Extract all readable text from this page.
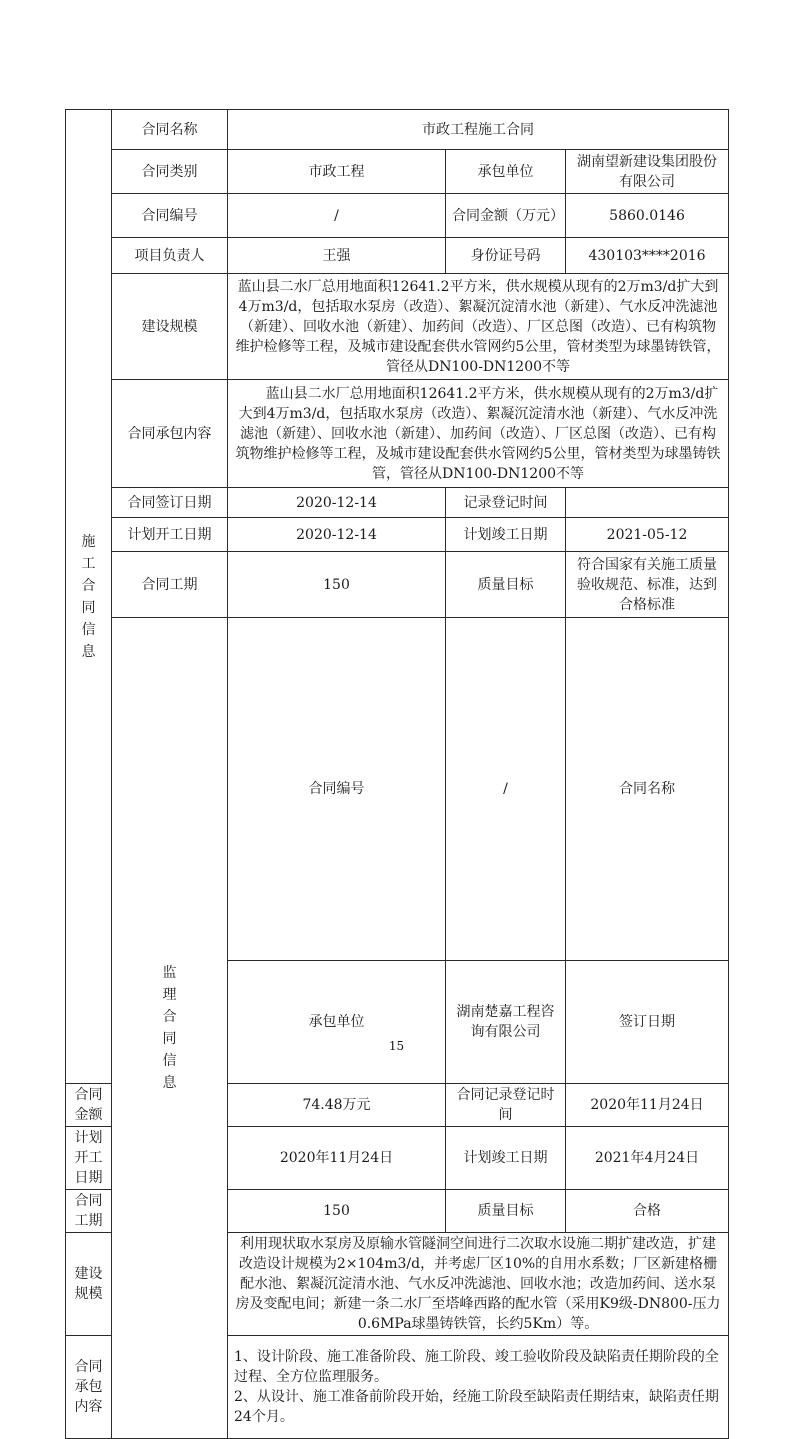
施工合同信息	合同名称	市政工程施工合同			
	合同类别	市政工程	承包单位	湖南望新建设集团股份有限公司	
	合同编号	/	合同金额（万元）	5860.0146	
	项目负责人	王强	身份证号码	430103****2016	
	建设规模	蓝山县二水厂总用地面积12641.2平方米，供水规模从现有的2万m3/d扩大到4万m3/d，包括取水泵房（改造）、絮凝沉淀清水池（新建）、气水反冲洗滤池（新建）、回收水池（新建）、加药间（改造）、厂区总图（改造）、已有构筑物维护检修等工程，及城市建设配套供水管网约5公里，管材类型为球墨铸铁管，管径从DN100-DN1200不等			
	合同承包内容	蓝山县二水厂总用地面积12641.2平方米，供水规模从现有的2万m3/d扩大到4万m3/d，包括取水泵房（改造）、絮凝沉淀清水池（新建）、气水反冲洗滤池（新建）、回收水池（新建）、加药间（改造）、厂区总图（改造）、已有构筑物维护检修等工程，及城市建设配套供水管网约5公里，管材类型为球墨铸铁管，管径从DN100-DN1200不等			

	合同签订日期	2020-12-14	记录登记时间		
	计划开工日期	2020-12-14	计划竣工日期	2021-05-12	
	合同工期	150	质量目标	符合国家有关施工质量验收规范、标准，达到合格标准	
	监理合同信息	合同编号	/	合同名称	
		承包单位	湖南楚嘉工程咨询有限公司	签订日期	
合同金额		74.48万元	合同记录登记时间	2020年11月24日	
计划开工日期		2020年11月24日	计划竣工日期	2021年4月24日	
合同工期		150	质量目标	合格	
建设规模		利用现状取水泵房及原输水管隧洞空间进行二次取水设施二期扩建改造，扩建改造设计规模为2×104m3/d，并考虑厂区10%的自用水系数；厂区新建格栅配水池、絮凝沉淀清水池、气水反冲洗滤池、回收水池；改造加药间、送水泵房及变配电间；新建一条二水厂至塔峰西路的配水管（采用K9级-DN800-压力0.6MPa球墨铸铁管，长约5Km）等。			
合同承包内容		1、设计阶段、施工准备阶段、施工阶段、竣工验收阶段及缺陷责任期阶段的全过程、全方位监理服务。
2、从设计、施工准备前阶段开始，经施工阶段至缺陷责任期结束，缺陷责任期24个月。			
15
